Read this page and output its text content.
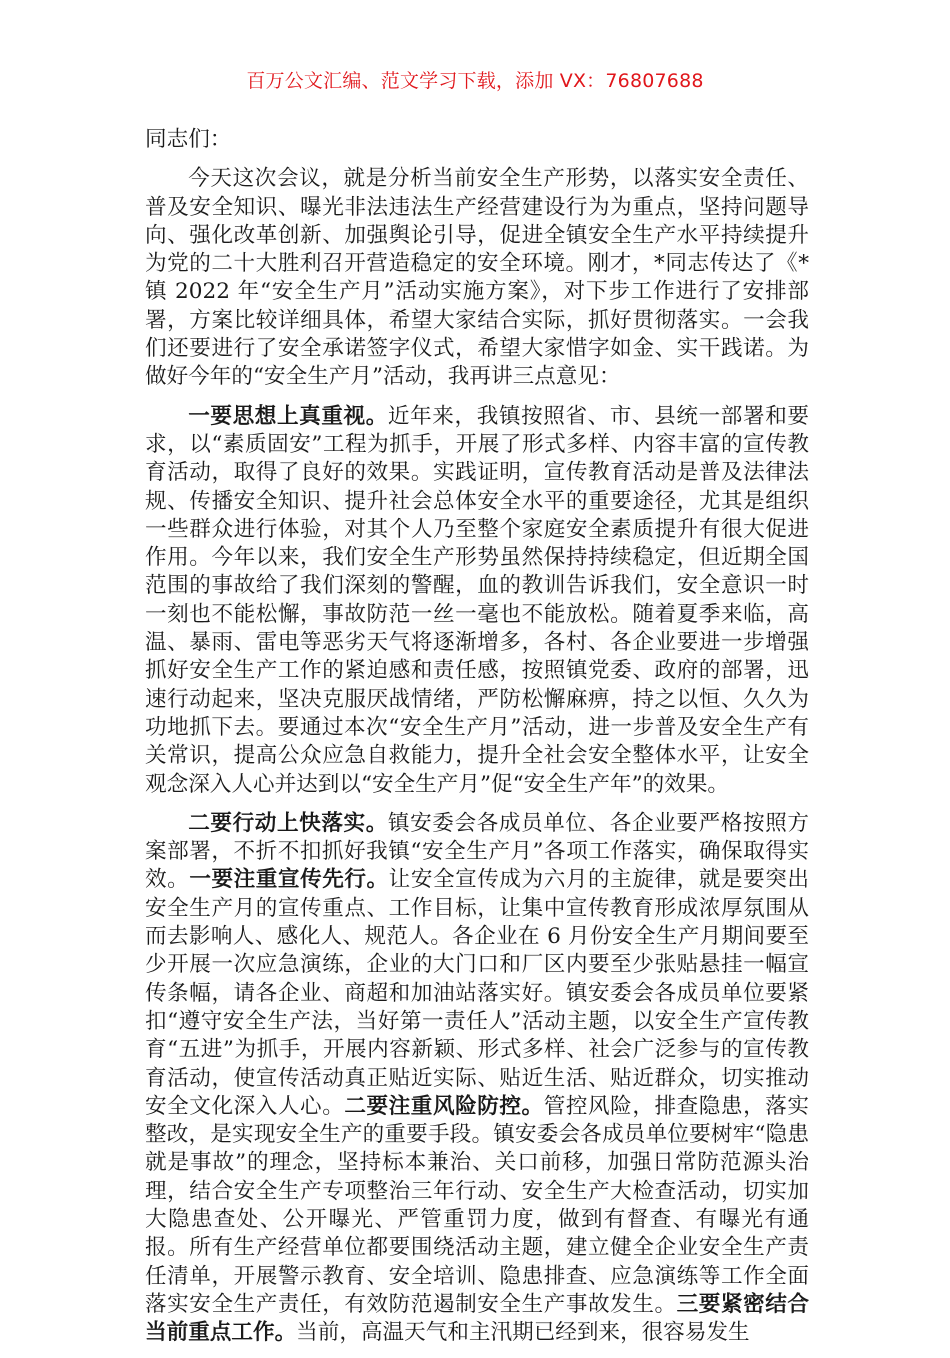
百万公文汇编、范文学习下载，添加 VX：76807688
同志们：

今天这次会议，就是分析当前安全生产形势，以落实安全责任、普及安全知识、曝光非法违法生产经营建设行为为重点，坚持问题导向、强化改革创新、加强舆论引导，促进全镇安全生产水平持续提升为党的二十大胜利召开营造稳定的安全环境。刚才，*同志传达了《*镇 2022 年“安全生产月”活动实施方案》，对下步工作进行了安排部署，方案比较详细具体，希望大家结合实际，抓好贯彻落实。一会我们还要进行了安全承诺签字仪式，希望大家惜字如金、实干践诺。为做好今年的“安全生产月”活动，我再讲三点意见：

一要思想上真重视。近年来，我镇按照省、市、县统一部署和要求，以“素质固安”工程为抓手，开展了形式多样、内容丰富的宣传教育活动，取得了良好的效果。实践证明，宣传教育活动是普及法律法规、传播安全知识、提升社会总体安全水平的重要途径，尤其是组织一些群众进行体验，对其个人乃至整个家庭安全素质提升有很大促进作用。今年以来，我们安全生产形势虽然保持持续稳定，但近期全国范围的事故给了我们深刻的警醒，血的教训告诉我们，安全意识一时一刻也不能松懈，事故防范一丝一毫也不能放松。随着夏季来临，高温、暴雨、雷电等恶劣天气将逐渐增多，各村、各企业要进一步增强抓好安全生产工作的紧迫感和责任感，按照镇党委、政府的部署，迅速行动起来，坚决克服厌战情绪，严防松懈麻痹，持之以恒、久久为功地抓下去。要通过本次“安全生产月”活动，进一步普及安全生产有关常识，提高公众应急自救能力，提升全社会安全整体水平，让安全观念深入人心并达到以“安全生产月”促“安全生产年”的效果。

二要行动上快落实。镇安委会各成员单位、各企业要严格按照方案部署，不折不扣抓好我镇“安全生产月”各项工作落实，确保取得实效。一要注重宣传先行。让安全宣传成为六月的主旋律，就是要突出安全生产月的宣传重点、工作目标，让集中宣传教育形成浓厚氛围从而去影响人、感化人、规范人。各企业在 6 月份安全生产月期间要至少开展一次应急演练，企业的大门口和厂区内要至少张贴悬挂一幅宣传条幅，请各企业、商超和加油站落实好。镇安委会各成员单位要紧扣“遵守安全生产法，当好第一责任人”活动主题，以安全生产宣传教育“五进”为抓手，开展内容新颖、形式多样、社会广泛参与的宣传教育活动，使宣传活动真正贴近实际、贴近生活、贴近群众，切实推动安全文化深入人心。二要注重风险防控。管控风险，排查隐患，落实整改，是实现安全生产的重要手段。镇安委会各成员单位要树牢“隐患就是事故”的理念，坚持标本兼治、关口前移，加强日常防范源头治理，结合安全生产专项整治三年行动、安全生产大检查活动，切实加大隐患查处、公开曝光、严管重罚力度，做到有督查、有曝光有通报。所有生产经营单位都要围绕活动主题，建立健全企业安全生产责任清单，开展警示教育、安全培训、隐患排查、应急演练等工作全面落实安全生产责任，有效防范遏制安全生产事故发生。三要紧密结合当前重点工作。当前，高温天气和主汛期已经到来，很容易发生
